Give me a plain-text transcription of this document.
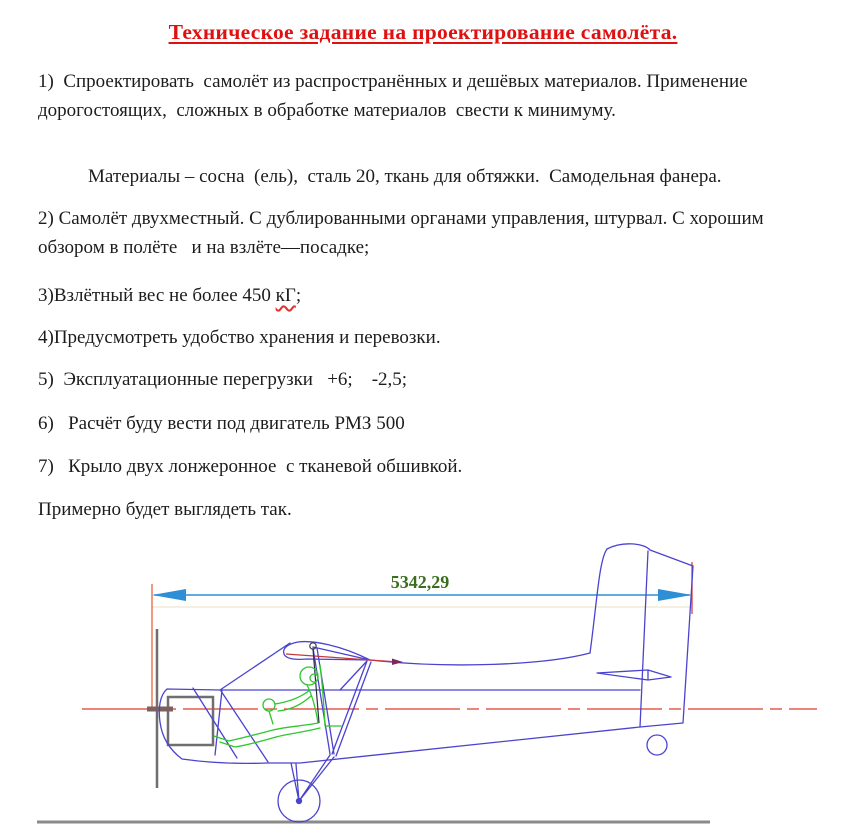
Техническое задание на проектирование самолёта.

1)  Спроектировать  самолёт из распространённых и дешёвых материалов. Применение   дорогостоящих,  сложных в обработке материалов  свести к минимуму.

Материалы – сосна  (ель),  сталь 20, ткань для обтяжки.  Самодельная фанера.

2) Самолёт двухместный. С дублированными органами управления, штурвал. С хорошим обзором в полёте   и на взлёте—посадке;

3)Взлётный вес не более 450 кГ;

4)Предусмотреть удобство хранения и перевозки.

5)  Эксплуатационные перегрузки   +6;    -2,5;

6)   Расчёт буду вести под двигатель РМЗ 500

7)   Крыло двух лонжеронное  с тканевой обшивкой.

Примерно будет выглядеть так.

5342,29
